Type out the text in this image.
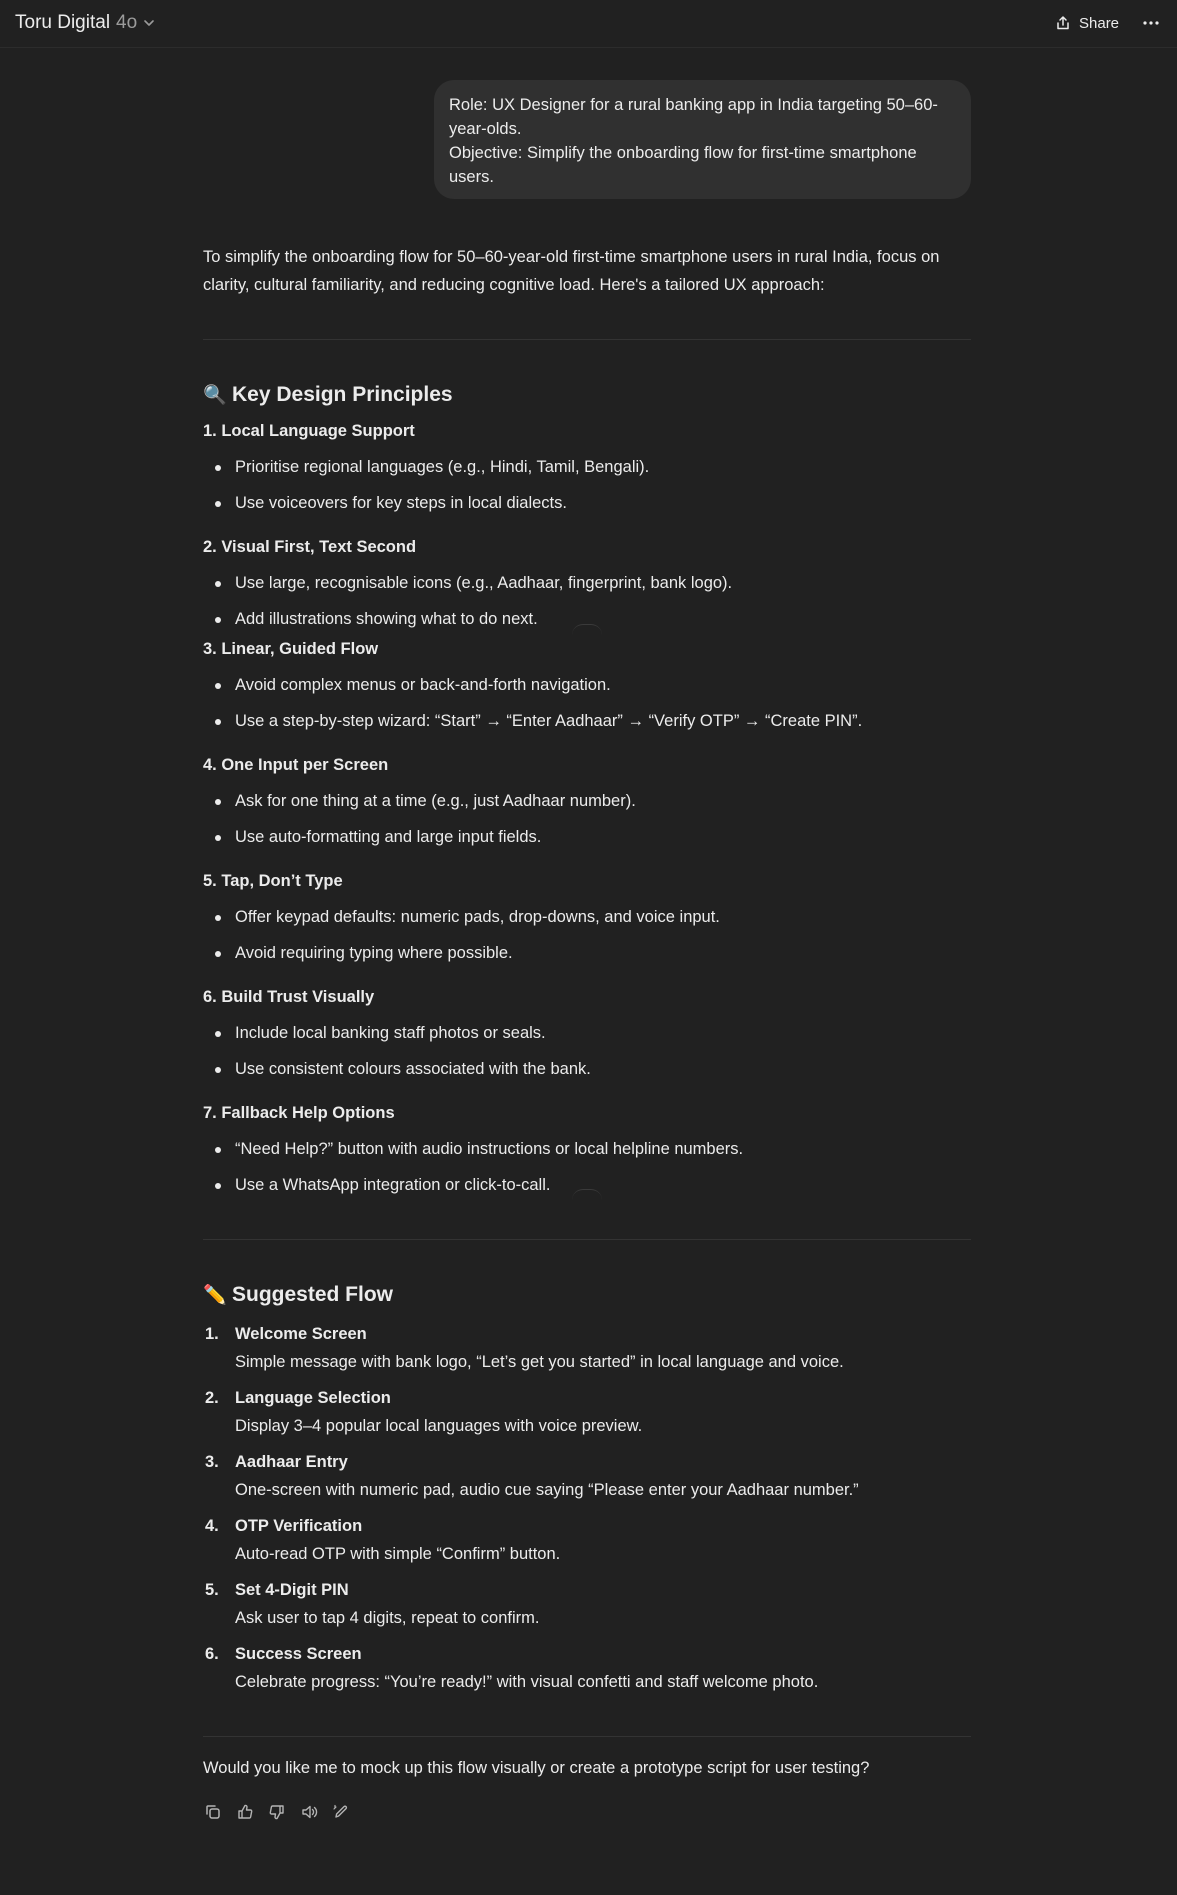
Toru Digital 4o	Share

Role: UX Designer for a rural banking app in India targeting 50–60-year-olds.

Objective: Simplify the onboarding flow for first-time smartphone users.

To simplify the onboarding flow for 50–60-year-old first-time smartphone users in rural India, focus on clarity, cultural familiarity, and reducing cognitive load. Here's a tailored UX approach:

🔍 Key Design Principles
1. Local Language Support

Prioritise regional languages (e.g., Hindi, Tamil, Bengali).

Use voiceovers for key steps in local dialects.

2. Visual First, Text Second

Use large, recognisable icons (e.g., Aadhaar, fingerprint, bank logo).

Add illustrations showing what to do next.

3. Linear, Guided Flow

Avoid complex menus or back-and-forth navigation.

Use a step-by-step wizard: “Start” → “Enter Aadhaar” → “Verify OTP” → “Create PIN”.

4. One Input per Screen

Ask for one thing at a time (e.g., just Aadhaar number).

Use auto-formatting and large input fields.

5. Tap, Don’t Type

Offer keypad defaults: numeric pads, drop-downs, and voice input.

Avoid requiring typing where possible.

6. Build Trust Visually

Include local banking staff photos or seals.

Use consistent colours associated with the bank.

7. Fallback Help Options

“Need Help?” button with audio instructions or local helpline numbers.

Use a WhatsApp integration or click-to-call.

✏️ Suggested Flow
1. Welcome Screen
Simple message with bank logo, “Let’s get you started” in local language and voice.
2. Language Selection
Display 3–4 popular local languages with voice preview.
3. Aadhaar Entry
One-screen with numeric pad, audio cue saying “Please enter your Aadhaar number.”
4. OTP Verification
Auto-read OTP with simple “Confirm” button.
5. Set 4-Digit PIN
Ask user to tap 4 digits, repeat to confirm.
6. Success Screen
Celebrate progress: “You’re ready!” with visual confetti and staff welcome photo.

Would you like me to mock up this flow visually or create a prototype script for user testing?
